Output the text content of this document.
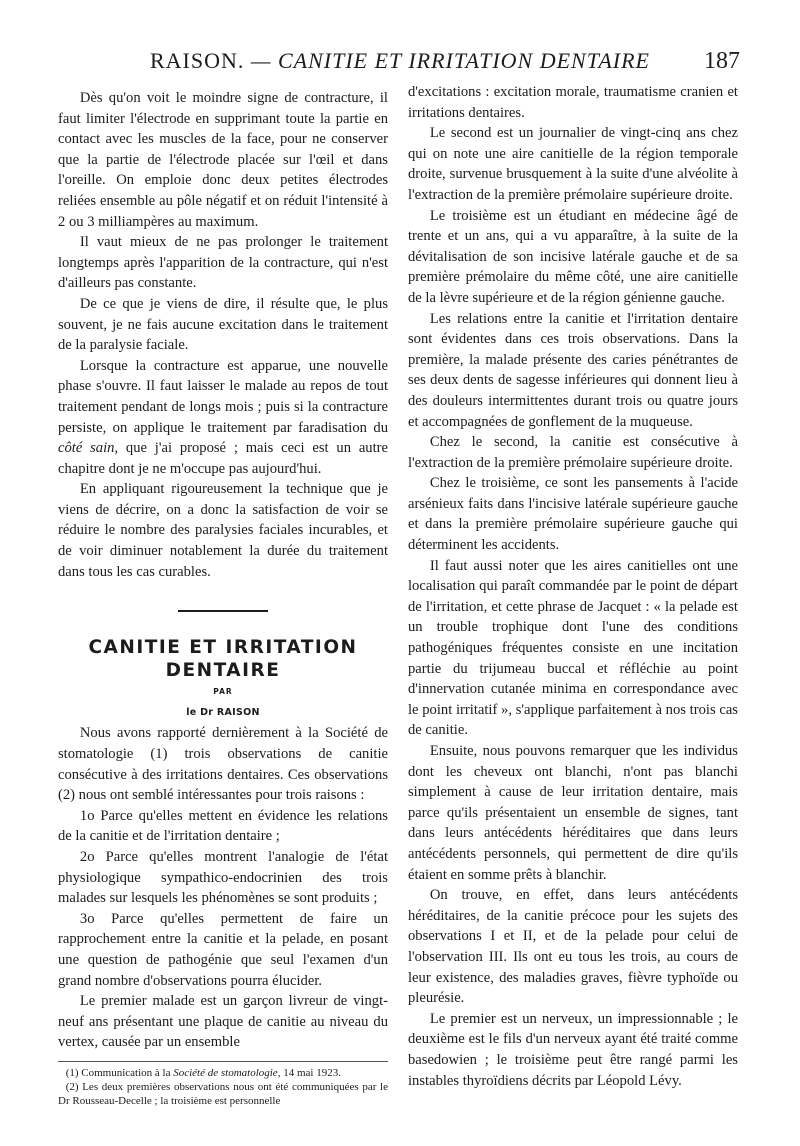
RAISON. — CANITIE ET IRRITATION DENTAIRE	187

Dès qu'on voit le moindre signe de contracture, il faut limiter l'électrode en supprimant toute la partie en contact avec les muscles de la face, pour ne conserver que la partie de l'électrode placée sur l'œil et dans l'oreille. On emploie donc deux petites électrodes reliées ensemble au pôle négatif et on réduit l'intensité à 2 ou 3 milliampères au maximum.

Il vaut mieux de ne pas prolonger le traitement longtemps après l'apparition de la contracture, qui n'est d'ailleurs pas constante.

De ce que je viens de dire, il résulte que, le plus souvent, je ne fais aucune excitation dans le traitement de la paralysie faciale.

Lorsque la contracture est apparue, une nouvelle phase s'ouvre. Il faut laisser le malade au repos de tout traitement pendant de longs mois ; puis si la contracture persiste, on applique le traitement par faradisation du côté sain, que j'ai proposé ; mais ceci est un autre chapitre dont je ne m'occupe pas aujourd'hui.

En appliquant rigoureusement la technique que je viens de décrire, on a donc la satisfaction de voir se réduire le nombre des paralysies faciales incurables, et de voir diminuer notablement la durée du traitement dans tous les cas curables.

CANITIE ET IRRITATION
DENTAIRE

PAR

le Dr RAISON

Nous avons rapporté dernièrement à la Société de stomatologie (1) trois observations de canitie consécutive à des irritations dentaires. Ces observations (2) nous ont semblé intéressantes pour trois raisons :

1o Parce qu'elles mettent en évidence les relations de la canitie et de l'irritation dentaire ;

2o Parce qu'elles montrent l'analogie de l'état physiologique sympathico-endocrinien des trois malades sur lesquels les phénomènes se sont produits ;

3o Parce qu'elles permettent de faire un rapprochement entre la canitie et la pelade, en posant une question de pathogénie que seul l'examen d'un grand nombre d'observations pourra élucider.

Le premier malade est un garçon livreur de vingt-neuf ans présentant une plaque de canitie au niveau du vertex, causée par un ensemble

(1) Communication à la Société de stomatologie, 14 mai 1923.

(2) Les deux premières observations nous ont été communiquées par le Dr Rousseau-Decelle ; la troisième est personnelle

d'excitations : excitation morale, traumatisme cranien et irritations dentaires.

Le second est un journalier de vingt-cinq ans chez qui on note une aire canitielle de la région temporale droite, survenue brusquement à la suite d'une alvéolite à l'extraction de la première prémolaire supérieure droite.

Le troisième est un étudiant en médecine âgé de trente et un ans, qui a vu apparaître, à la suite de la dévitalisation de son incisive latérale gauche et de sa première prémolaire du même côté, une aire canitielle de la lèvre supérieure et de la région génienne gauche.

Les relations entre la canitie et l'irritation dentaire sont évidentes dans ces trois observations. Dans la première, la malade présente des caries pénétrantes de ses deux dents de sagesse inférieures qui donnent lieu à des douleurs intermittentes durant trois ou quatre jours et accompagnées de gonflement de la muqueuse.

Chez le second, la canitie est consécutive à l'extraction de la première prémolaire supérieure droite.

Chez le troisième, ce sont les pansements à l'acide arsénieux faits dans l'incisive latérale supérieure gauche et dans la première prémolaire supérieure gauche qui déterminent les accidents.

Il faut aussi noter que les aires canitielles ont une localisation qui paraît commandée par le point de départ de l'irritation, et cette phrase de Jacquet : « la pelade est un trouble trophique dont l'une des conditions pathogéniques fréquentes consiste en une incitation partie du trijumeau buccal et réfléchie au point d'innervation cutanée minima en correspondance avec le point irritatif », s'applique parfaitement à nos trois cas de canitie.

Ensuite, nous pouvons remarquer que les individus dont les cheveux ont blanchi, n'ont pas blanchi simplement à cause de leur irritation dentaire, mais parce qu'ils présentaient un ensemble de signes, tant dans leurs antécédents héréditaires que dans leurs antécédents personnels, qui permettent de dire qu'ils étaient en somme prêts à blanchir.

On trouve, en effet, dans leurs antécédents héréditaires, de la canitie précoce pour les sujets des observations I et II, et de la pelade pour celui de l'observation III. Ils ont eu tous les trois, au cours de leur existence, des maladies graves, fièvre typhoïde ou pleurésie.

Le premier est un nerveux, un impressionnable ; le deuxième est le fils d'un nerveux ayant été traité comme basedowien ; le troisième peut être rangé parmi les instables thyroïdiens décrits par Léopold Lévy.
